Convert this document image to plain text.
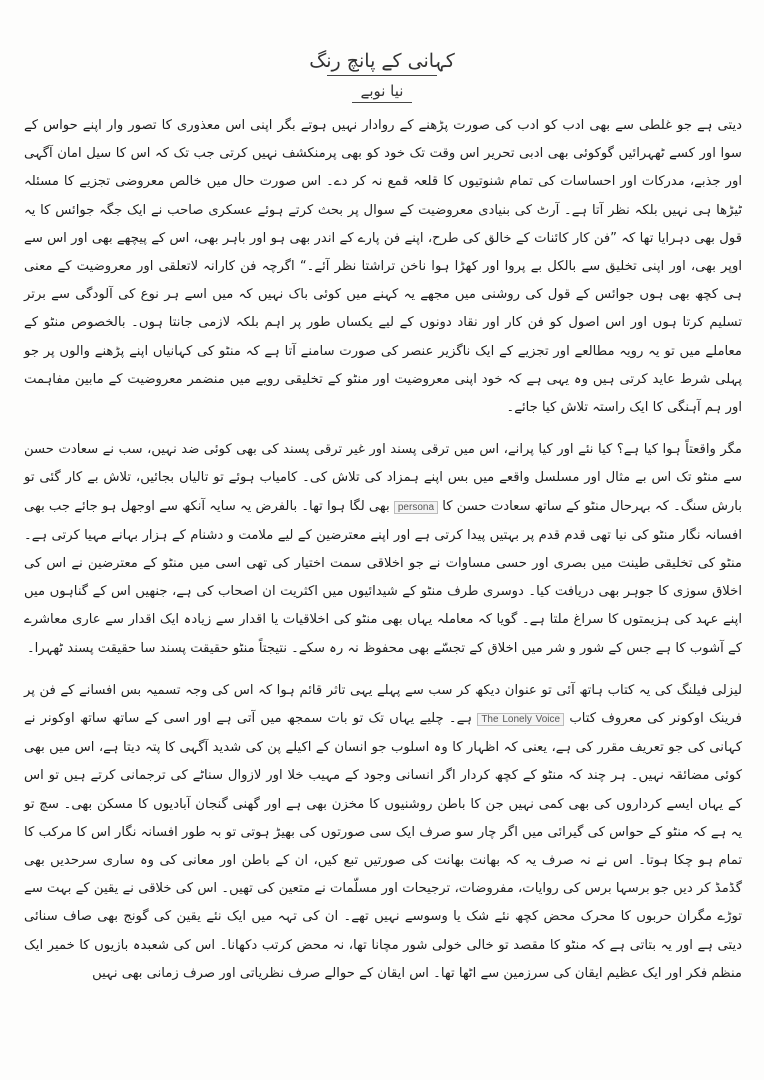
کہانی کے پانچ رنگ
نیا نوبے

دیتی ہے جو غلطی سے بھی ادب کو ادب کی صورت پڑھنے کے روادار نہیں ہوتے بگر اپنی اس معذوری کا تصور وار اپنے حواس کے سوا اور کسے ٹھہرائیں گوکوئی بھی ادبی تحریر اس وقت تک خود کو بھی پرمنکشف نہیں کرتی جب تک کہ اس کا سیل امان آگہی اور جذبے، مدرکات اور احساسات کی تمام شنوتیوں کا قلعہ قمع نہ کر دے۔ اس صورت حال میں خالص معروضی تجزیے کا مسئلہ ٹیڑھا ہی نہیں بلکہ نظر آتا ہے۔ آرٹ کی بنیادی معروضیت کے سوال پر بحث کرتے ہوئے عسکری صاحب نے ایک جگہ جوائس کا یہ قول بھی دہرایا تھا کہ ”فن کار کائنات کے خالق کی طرح، اپنے فن پارے کے اندر بھی ہو اور باہر بھی، اس کے پیچھے بھی اور اس سے اوپر بھی، اور اپنی تخلیق سے بالکل بے پروا اور کھڑا ہوا ناخن تراشتا نظر آئے۔“ اگرچہ فن کارانہ لاتعلقی اور معروضیت کے معنی ہی کچھ بھی ہوں جوائس کے قول کی روشنی میں مجھے یہ کہنے میں کوئی باک نہیں کہ میں اسے ہر نوع کی آلودگی سے برتر تسلیم کرتا ہوں اور اس اصول کو فن کار اور نقاد دونوں کے لیے یکساں طور پر اہم بلکہ لازمی جانتا ہوں۔ بالخصوص منٹو کے معاملے میں تو یہ رویہ مطالعے اور تجزیے کے ایک ناگزیر عنصر کی صورت سامنے آتا ہے کہ منٹو کی کہانیاں اپنے پڑھنے والوں پر جو پہلی شرط عاید کرتی ہیں وہ یہی ہے کہ خود اپنی معروضیت اور منٹو کے تخلیقی رویے میں منضمر معروضیت کے مابین مفاہمت اور ہم آہنگی کا ایک راستہ تلاش کیا جائے۔

مگر واقعتاً ہوا کیا ہے؟ کیا نئے اور کیا پرانے، اس میں ترقی پسند اور غیر ترقی پسند کی بھی کوئی ضد نہیں، سب نے سعادت حسن سے منٹو تک اس بے مثال اور مسلسل واقعے میں بس اپنے ہمزاد کی تلاش کی۔ کامیاب ہوئے تو تالیاں بجائیں، تلاش بے کار گئی تو بارش سنگ۔ کہ بہرحال منٹو کے ساتھ سعادت حسن کا persona بھی لگا ہوا تھا۔ بالفرض یہ سایہ آنکھ سے اوجھل ہو جائے جب بھی افسانہ نگار منٹو کی نیا تھی قدم قدم پر بہتیں پیدا کرتی ہے اور اپنے معترضین کے لیے ملامت و دشنام کے ہزار بہانے مہیا کرتی ہے۔ منٹو کی تخلیقی طینت میں بصری اور حسی مساوات نے جو اخلاقی سمت اختیار کی تھی اسی میں منٹو کے معترضین نے اس کی اخلاق سوزی کا جوہر بھی دریافت کیا۔ دوسری طرف منٹو کے شیدائیوں میں اکثریت ان اصحاب کی ہے، جنھیں اس کے گناہوں میں اپنے عہد کی ہزیمتوں کا سراغ ملتا ہے۔ گویا کہ معاملہ یہاں بھی منٹو کی اخلاقیات یا اقدار سے زیادہ ایک اقدار سے عاری معاشرے کے آشوب کا ہے جس کے شور و شر میں اخلاق کے تجسّے بھی محفوظ نہ رہ سکے۔ نتیجتاً منٹو حقیقت پسند سا حقیقت پسند ٹھہرا۔

لیزلی فیلنگ کی یہ کتاب ہاتھ آئی تو عنوان دیکھ کر سب سے پہلے یہی تاثر قائم ہوا کہ اس کی وجہ تسمیہ بس افسانے کے فن پر فرینک اوکونر کی معروف کتاب The Lonely Voice ہے۔ چلیے یہاں تک تو بات سمجھ میں آتی ہے اور اسی کے ساتھ ساتھ اوکونر نے کہانی کی جو تعریف مقرر کی ہے، یعنی کہ اظہار کا وہ اسلوب جو انسان کے اکیلے پن کی شدید آگہی کا پتہ دیتا ہے، اس میں بھی کوئی مضائقہ نہیں۔ ہر چند کہ منٹو کے کچھ کردار اگر انسانی وجود کے مہیب خلا اور لازوال سناٹے کی ترجمانی کرتے ہیں تو اس کے یہاں ایسے کرداروں کی بھی کمی نہیں جن کا باطن روشنیوں کا مخزن بھی ہے اور گھنی گنجان آبادیوں کا مسکن بھی۔ سچ تو یہ ہے کہ منٹو کے حواس کی گیرائی میں اگر چار سو صرف ایک سی صورتوں کی بھیڑ ہوتی تو بہ طور افسانہ نگار اس کا مرکب کا تمام ہو چکا ہوتا۔ اس نے نہ صرف یہ کہ بھانت بھانت کی صورتیں تبع کیں، ان کے باطن اور معانی کی وہ ساری سرحدیں بھی گڈمڈ کر دیں جو برسہا برس کی روایات، مفروضات، ترجیحات اور مسلّمات نے متعین کی تھیں۔ اس کی خلاقی نے یقین کے بہت سے توڑے مگران حربوں کا محرک محض کچھ نئے شک یا وسوسے نہیں تھے۔ ان کی تہہ میں ایک نئے یقین کی گونج بھی صاف سنائی دیتی ہے اور یہ بتاتی ہے کہ منٹو کا مقصد تو خالی خولی شور مچانا تھا، نہ محض کرتب دکھانا۔ اس کی شعبدہ بازیوں کا خمیر ایک منظم فکر اور ایک عظیم ایقان کی سرزمین سے اٹھا تھا۔ اس ایقان کے حوالے صرف نظریاتی اور صرف زمانی بھی نہیں
